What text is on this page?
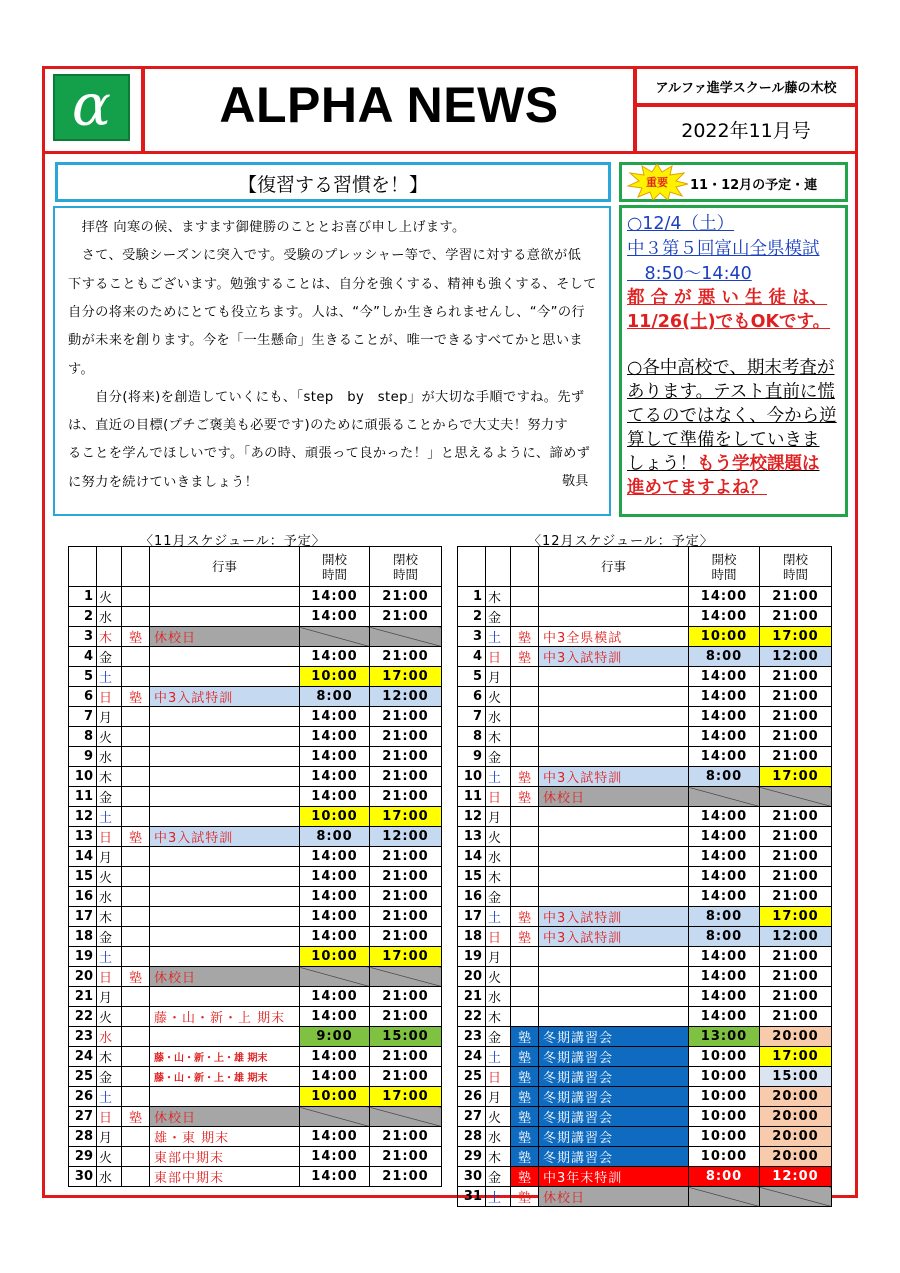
α	ALPHA NEWS	アルファ進学スクール藤の木校
2022年11月号
【復習する習慣を！】
　拝啓 向寒の候、ますます御健勝のこととお喜び申し上げます。
　さて、受験シーズンに突入です。受験のプレッシャー等で、学習に対する意欲が低
下することもございます。勉強することは、自分を強くする、精神も強くする、そして
自分の将来のためにとても役立ちます。人は、“今”しか生きられませんし、“今”の行
動が未来を創ります。今を「一生懸命」生きることが、唯一できるすべてかと思いま
す。
　　自分(将来)を創造していくにも、「step　by　step」が大切な手順ですね。先ず
は、直近の目標(プチご褒美も必要です)のために頑張ることからで大丈夫！努力す
ることを学んでほしいです。「あの時、頑張って良かった！」と思えるように、諦めず
に努力を続けていきましょう！	敬具
重要 11・12月の予定・連
○12/4（土）
中３第５回富山全県模試
　8:50～14:40
都 合 が 悪 い 生 徒 は、
11/26(土)でもOKです。
○各中高校で、期末考査が
あります。テスト直前に慌
てるのではなく、今から逆
算して準備をしていきま
しょう！もう学校課題は
進めてますよね？
〈11月スケジュール：予定〉	〈12月スケジュール：予定〉
			行事	開校
時間	閉校
時間
1	火			14:00	21:00
2	水			14:00	21:00
3	木	塾	休校日		
4	金			14:00	21:00
5	土			10:00	17:00
6	日	塾	中3入試特訓	8:00	12:00
7	月			14:00	21:00
8	火			14:00	21:00
9	水			14:00	21:00
10	木			14:00	21:00
11	金			14:00	21:00
12	土			10:00	17:00
13	日	塾	中3入試特訓	8:00	12:00
14	月			14:00	21:00
15	火			14:00	21:00
16	水			14:00	21:00
17	木			14:00	21:00
18	金			14:00	21:00
19	土			10:00	17:00
20	日	塾	休校日		
21	月			14:00	21:00
22	火		藤・山・新・上 期末	14:00	21:00
23	水			9:00	15:00
24	木		藤・山・新・上・雄 期末	14:00	21:00
25	金		藤・山・新・上・雄 期末	14:00	21:00
26	土			10:00	17:00
27	日	塾	休校日		
28	月		雄・東 期末	14:00	21:00
29	火		東部中期末	14:00	21:00
30	水		東部中期末	14:00	21:00
			行事	開校
時間	閉校
時間
1	木			14:00	21:00
2	金			14:00	21:00
3	土	塾	中3全県模試	10:00	17:00
4	日	塾	中3入試特訓	8:00	12:00
5	月			14:00	21:00
6	火			14:00	21:00
7	水			14:00	21:00
8	木			14:00	21:00
9	金			14:00	21:00
10	土	塾	中3入試特訓	8:00	17:00
11	日	塾	休校日		
12	月			14:00	21:00
13	火			14:00	21:00
14	水			14:00	21:00
15	木			14:00	21:00
16	金			14:00	21:00
17	土	塾	中3入試特訓	8:00	17:00
18	日	塾	中3入試特訓	8:00	12:00
19	月			14:00	21:00
20	火			14:00	21:00
21	水			14:00	21:00
22	木			14:00	21:00
23	金	塾	冬期講習会	13:00	20:00
24	土	塾	冬期講習会	10:00	17:00
25	日	塾	冬期講習会	10:00	15:00
26	月	塾	冬期講習会	10:00	20:00
27	火	塾	冬期講習会	10:00	20:00
28	水	塾	冬期講習会	10:00	20:00
29	木	塾	冬期講習会	10:00	20:00
30	金	塾	中3年末特訓	8:00	12:00
31	土	塾	休校日		
